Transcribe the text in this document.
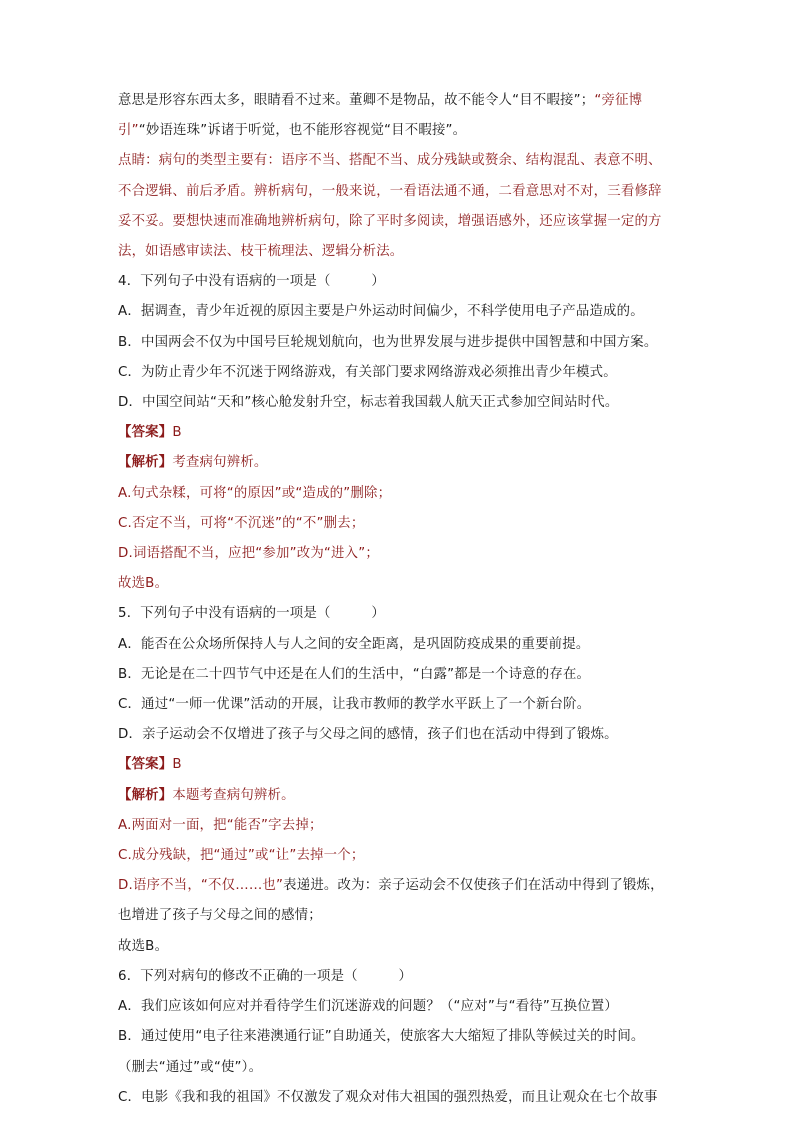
意思是形容东西太多，眼睛看不过来。董卿不是物品，故不能令人“目不暇接”；“旁征博
引”“妙语连珠”诉诸于听觉，也不能形容视觉“目不暇接”。
点睛：病句的类型主要有：语序不当、搭配不当、成分残缺或赘余、结构混乱、表意不明、
不合逻辑、前后矛盾。辨析病句，一般来说，一看语法通不通，二看意思对不对，三看修辞
妥不妥。要想快速而准确地辨析病句，除了平时多阅读，增强语感外，还应该掌握一定的方
法，如语感审读法、枝干梳理法、逻辑分析法。
4．下列句子中没有语病的一项是（　　　）
A．据调查，青少年近视的原因主要是户外运动时间偏少，不科学使用电子产品造成的。
B．中国两会不仅为中国号巨轮规划航向，也为世界发展与进步提供中国智慧和中国方案。
C．为防止青少年不沉迷于网络游戏，有关部门要求网络游戏必须推出青少年模式。
D．中国空间站“天和”核心舱发射升空，标志着我国载人航天正式参加空间站时代。
【答案】B
【解析】考查病句辨析。
A.句式杂糅，可将“的原因”或“造成的”删除；
C.否定不当，可将“不沉迷”的“不”删去；
D.词语搭配不当，应把“参加”改为“进入”；
故选B。
5．下列句子中没有语病的一项是（　　　）
A．能否在公众场所保持人与人之间的安全距离，是巩固防疫成果的重要前提。
B．无论是在二十四节气中还是在人们的生活中，“白露”都是一个诗意的存在。
C．通过“一师一优课”活动的开展，让我市教师的教学水平跃上了一个新台阶。
D．亲子运动会不仅增进了孩子与父母之间的感情，孩子们也在活动中得到了锻炼。
【答案】B
【解析】本题考查病句辨析。
A.两面对一面，把“能否”字去掉；
C.成分残缺，把“通过”或“让”去掉一个；
D.语序不当，“不仅……也”表递进。改为：亲子运动会不仅使孩子们在活动中得到了锻炼，
也增进了孩子与父母之间的感情；
故选B。
6．下列对病句的修改不正确的一项是（　　　）
A．我们应该如何应对并看待学生们沉迷游戏的问题？（“应对”与“看待”互换位置）
B．通过使用“电子往来港澳通行证”自助通关，使旅客大大缩短了排队等候过关的时间。
（删去“通过”或“使”）。
C．电影《我和我的祖国》不仅激发了观众对伟大祖国的强烈热爱，而且让观众在七个故事
